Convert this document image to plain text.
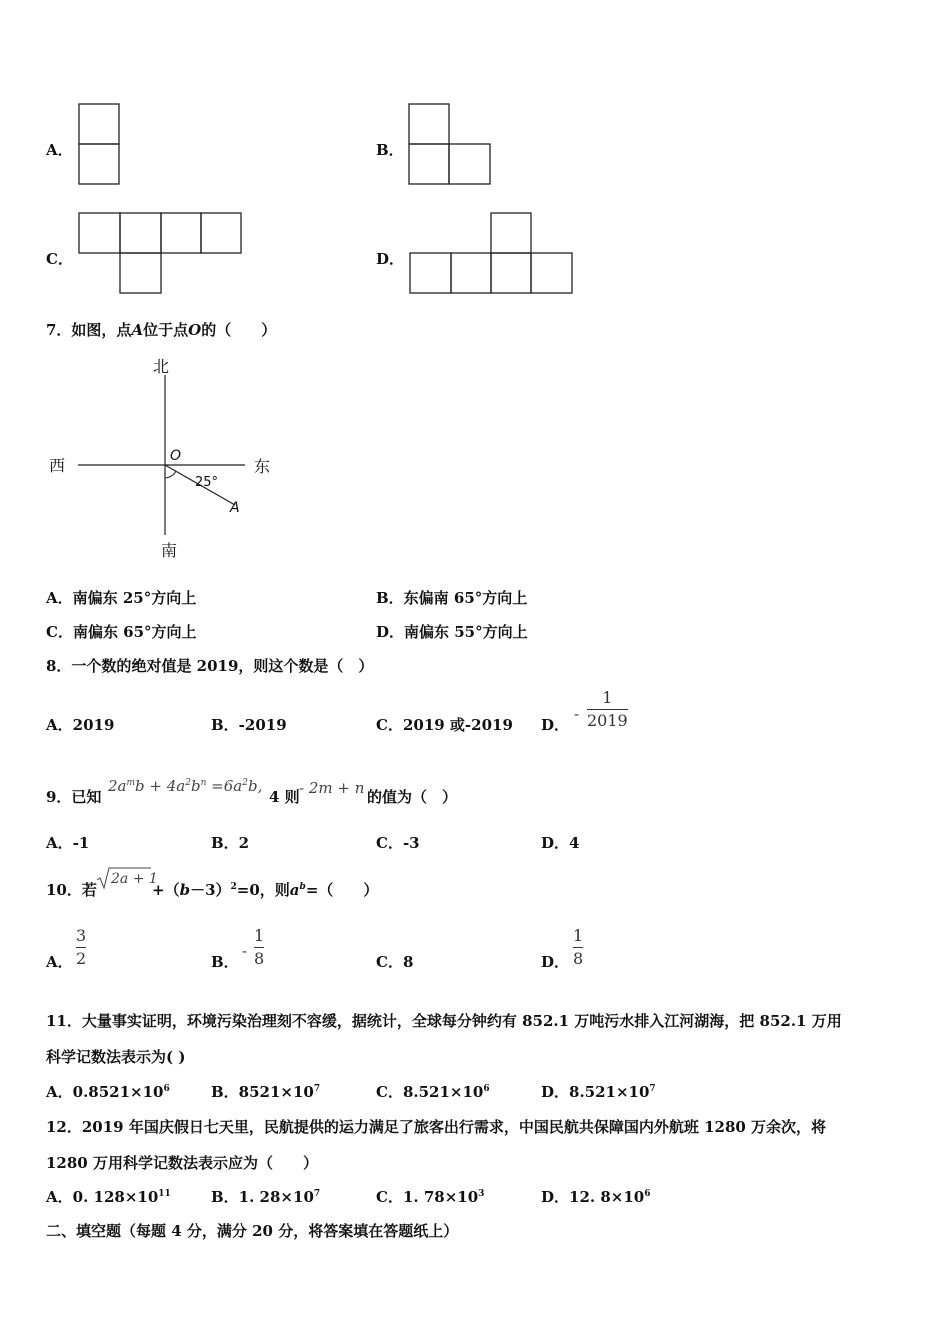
A．	B．
C．	D．
7．如图，点A位于点O的（　　）
北
南
西	东
O
25°
A
A．南偏东 25°方向上	B．东偏南 65°方向上
C．南偏东 65°方向上	D．南偏东 55°方向上
8．一个数的绝对值是 2019，则这个数是（　）
A．2019	B．-2019	C．2019 或-2019 D．
-
1
2019
9．已知
$2a^mb + 4a^2b^n =6a^2b$,
4 则 - 2m + n 的值为（　）
A．-1	B．2	C．-3	D．4
10．若
2a + 1
$+(b-3)^2=0$，则$a^b=$（　　）
A．
3
2	B．
-
1
8	C．8	D．
1
8
11．大量事实证明，环境污染治理刻不容缓，据统计，全球每分钟约有 852.1 万吨污水排入江河湖海，把 852.1 万用
科学记数法表示为( )
A．$0.8521\times 10^6$	B．$8521\times 10^7$	C．$8.521\times 10^6$	D．$8.521\times 10^7$
12．2019 年国庆假日七天里，民航提供的运力满足了旅客出行需求，中国民航共保障国内外航班 1280 万余次，将
1280 万用科学记数法表示应为（　　）
A．0. $128\times 10^{11}$	B．1. $28\times 10^7$	C．1. $78\times 10^3$	D．12. $8\times 10^6$
二、填空题（每题 4 分，满分 20 分，将答案填在答题纸上）
